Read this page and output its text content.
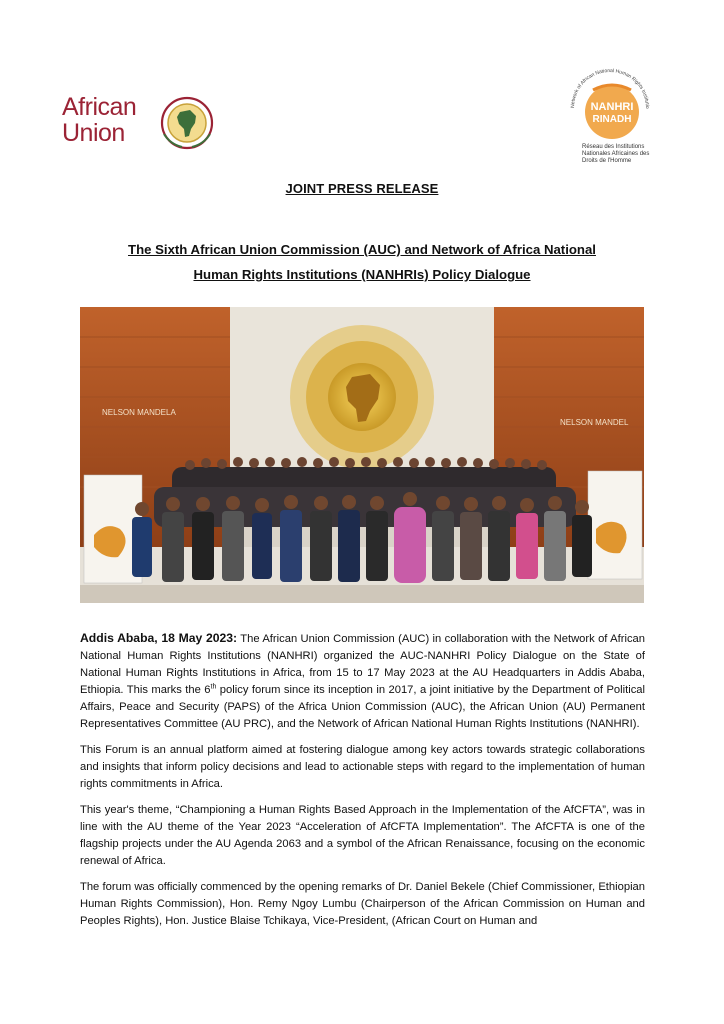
African
Union
Network of African National Human Rights Institutio
NANHRI
RINADH
Réseau des Institutions Nationales Africaines des Droits de l'Homme
JOINT PRESS RELEASE
The Sixth African Union Commission (AUC) and Network of Africa National
Human Rights Institutions (NANHRIs) Policy Dialogue
NELSON MANDELA
NELSON MANDEL

Addis Ababa, 18 May 2023: The African Union Commission (AUC) in collaboration with the Network of African National Human Rights Institutions (NANHRI) organized the AUC-NANHRI Policy Dialogue on the State of National Human Rights Institutions in Africa, from 15 to 17 May 2023 at the AU Headquarters in Addis Ababa, Ethiopia. This marks the 6th policy forum since its inception in 2017, a joint initiative by the Department of Political Affairs, Peace and Security (PAPS) of the Africa Union Commission (AUC), the African Union (AU) Permanent Representatives Committee (AU PRC), and the Network of African National Human Rights Institutions (NANHRI).

This Forum is an annual platform aimed at fostering dialogue among key actors towards strategic collaborations and insights that inform policy decisions and lead to actionable steps with regard to the implementation of human rights commitments in Africa.

This year's theme, “Championing a Human Rights Based Approach in the Implementation of the AfCFTA”, was in line with the AU theme of the Year 2023 “Acceleration of AfCFTA Implementation”. The AfCFTA is one of the flagship projects under the AU Agenda 2063 and a symbol of the African Renaissance, focusing on the economic renewal of Africa.

The forum was officially commenced by the opening remarks of Dr. Daniel Bekele (Chief Commissioner, Ethiopian Human Rights Commission), Hon. Remy Ngoy Lumbu (Chairperson of the African Commission on Human and Peoples Rights), Hon. Justice Blaise Tchikaya, Vice-President, (African Court on Human and
